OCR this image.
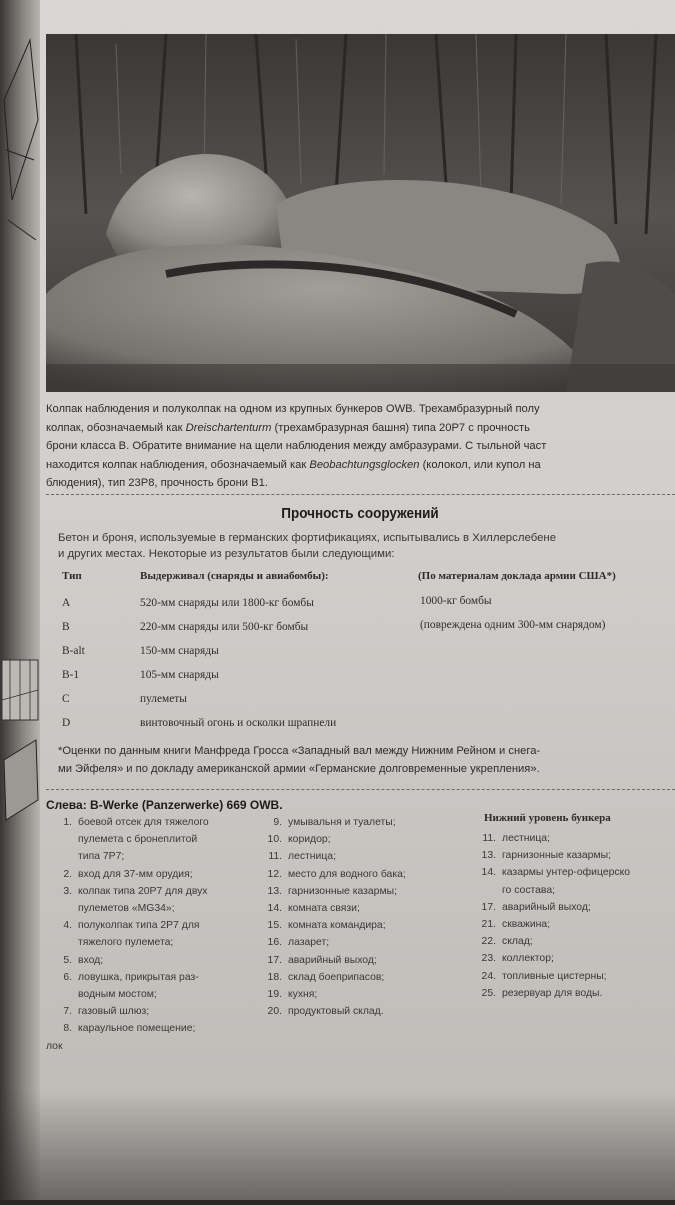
Колпак наблюдения и полуколпак на одном из крупных бункеров OWB. Трехамбразурный полу
колпак, обозначаемый как Dreischartenturm (трехамбразурная башня) типа 20P7 с прочность
брони класса B. Обратите внимание на щели наблюдения между амбразурами. С тыльной част
находится колпак наблюдения, обозначаемый как Beobachtungsglocken (колокол, или купол на
блюдения), тип 23P8, прочность брони B1.
Прочность сооружений
Бетон и броня, используемые в германских фортификациях, испытывались в Хиллерслебене
и других местах. Некоторые из результатов были следующими:
Тип	Выдерживал (снаряды и авиабомбы):	(По материалам доклада армии США*)
A	520-мм снаряды или 1800-кг бомбы	1000-кг бомбы
B	220-мм снаряды или 500-кг бомбы	(повреждена одним 300-мм снарядом)
B-alt	150-мм снаряды
B-1	105-мм снаряды
C	пулеметы
D	винтовочный огонь и осколки шрапнели
*Оценки по данным книги Манфреда Гросса «Западный вал между Нижним Рейном и снега-
ми Эйфеля» и по докладу американской армии «Германские долговременные укрепления».
Слева: B-Werke (Panzerwerke) 669 OWB.
1. боевой отсек для тяжелого
пулемета с бронеплитой
типа 7P7;
2. вход для 37-мм орудия;
3. колпак типа 20P7 для двух
пулеметов «MG34»;
4. полуколпак типа 2P7 для
тяжелого пулемета;
5. вход;
6. ловушка, прикрытая раз-
водным мостом;
7. газовый шлюз;
8. караульное помещение;
лок
9. умывальня и туалеты;
10. коридор;
11. лестница;
12. место для водного бака;
13. гарнизонные казармы;
14. комната связи;
15. комната командира;
16. лазарет;
17. аварийный выход;
18. склад боеприпасов;
19. кухня;
20. продуктовый склад.
Нижний уровень бункера
11. лестница;
13. гарнизонные казармы;
14. казармы унтер-офицерско
го состава;
17. аварийный выход;
21. скважина;
22. склад;
23. коллектор;
24. топливные цистерны;
25. резервуар для воды.
